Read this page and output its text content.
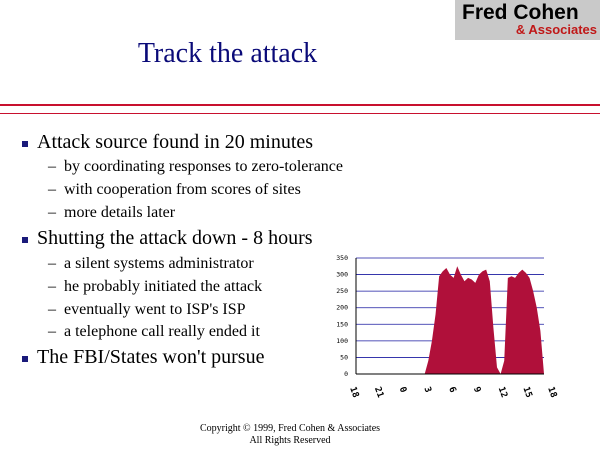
Fred Cohen
& Associates
Track the attack
Attack source found in 20 minutes
– by coordinating responses to zero-tolerance
– with cooperation from scores of sites
– more details later
Shutting the attack down - 8 hours
– a silent systems administrator
– he probably initiated the attack
– eventually went to ISP's ISP
– a telephone call really ended it
The FBI/States won't pursue
0
50
100
150
200
250
300
350
18 21 0 3 6 9 12 15 18
Copyright © 1999, Fred Cohen & Associates
All Rights Reserved
